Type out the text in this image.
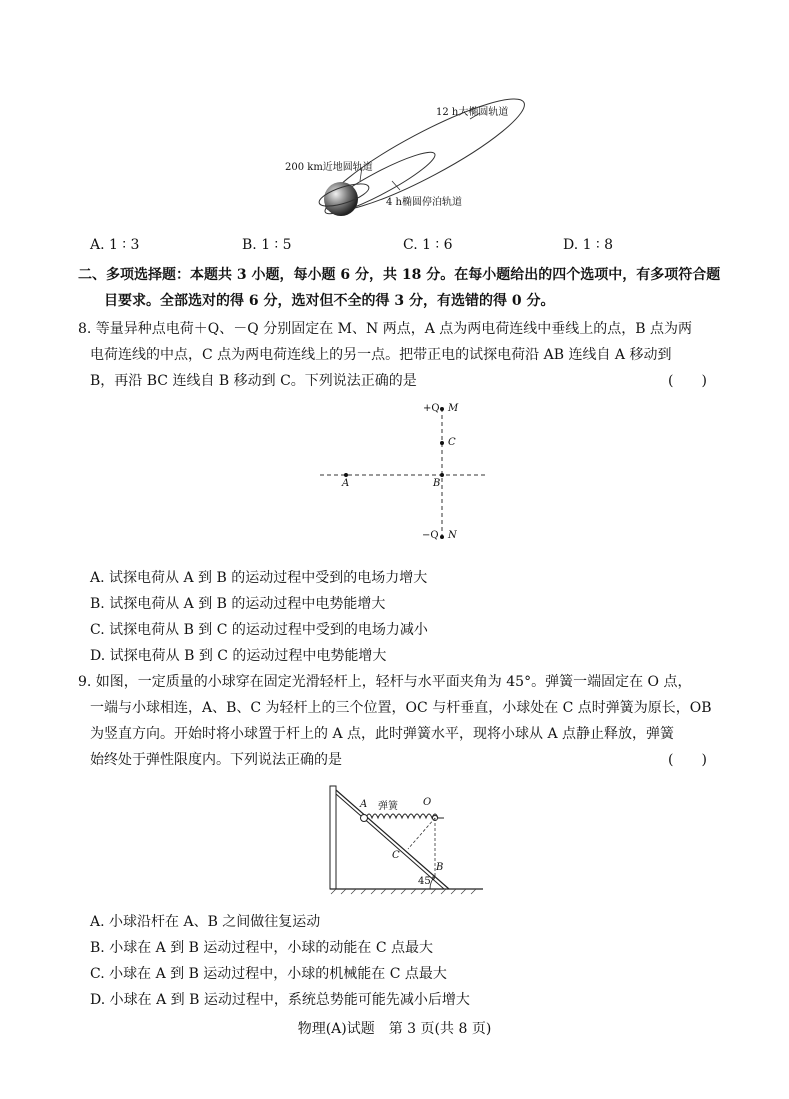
12 h大椭圆轨道
200 km近地圆轨道
4 h椭圆停泊轨道
A. 1 ∶ 3	B. 1 ∶ 5	C. 1 ∶ 6	D. 1 ∶ 8
二、多项选择题：本题共 3 小题，每小题 6 分，共 18 分。在每小题给出的四个选项中，有多项符合题
目要求。全部选对的得 6 分，选对但不全的得 3 分，有选错的得 0 分。
8. 等量异种点电荷＋Q、－Q 分别固定在 M、N 两点，A 点为两电荷连线中垂线上的点，B 点为两
电荷连线的中点，C 点为两电荷连线上的另一点。把带正电的试探电荷沿 AB 连线自 A 移动到
B，再沿 BC 连线自 B 移动到 C。下列说法正确的是	(　　)
+Q M
C
A	B
−Q N
A. 试探电荷从 A 到 B 的运动过程中受到的电场力增大
B. 试探电荷从 A 到 B 的运动过程中电势能增大
C. 试探电荷从 B 到 C 的运动过程中受到的电场力减小
D. 试探电荷从 B 到 C 的运动过程中电势能增大
9. 如图，一定质量的小球穿在固定光滑轻杆上，轻杆与水平面夹角为 45°。弹簧一端固定在 O 点，
一端与小球相连，A、B、C 为轻杆上的三个位置，OC 与杆垂直，小球处在 C 点时弹簧为原长，OB
为竖直方向。开始时将小球置于杆上的 A 点，此时弹簧水平，现将小球从 A 点静止释放，弹簧
始终处于弹性限度内。下列说法正确的是	(　　)
A 弹簧	O
C
B
45°
A. 小球沿杆在 A、B 之间做往复运动
B. 小球在 A 到 B 运动过程中，小球的动能在 C 点最大
C. 小球在 A 到 B 运动过程中，小球的机械能在 C 点最大
D. 小球在 A 到 B 运动过程中，系统总势能可能先减小后增大
物理(A)试题　第 3 页(共 8 页)
